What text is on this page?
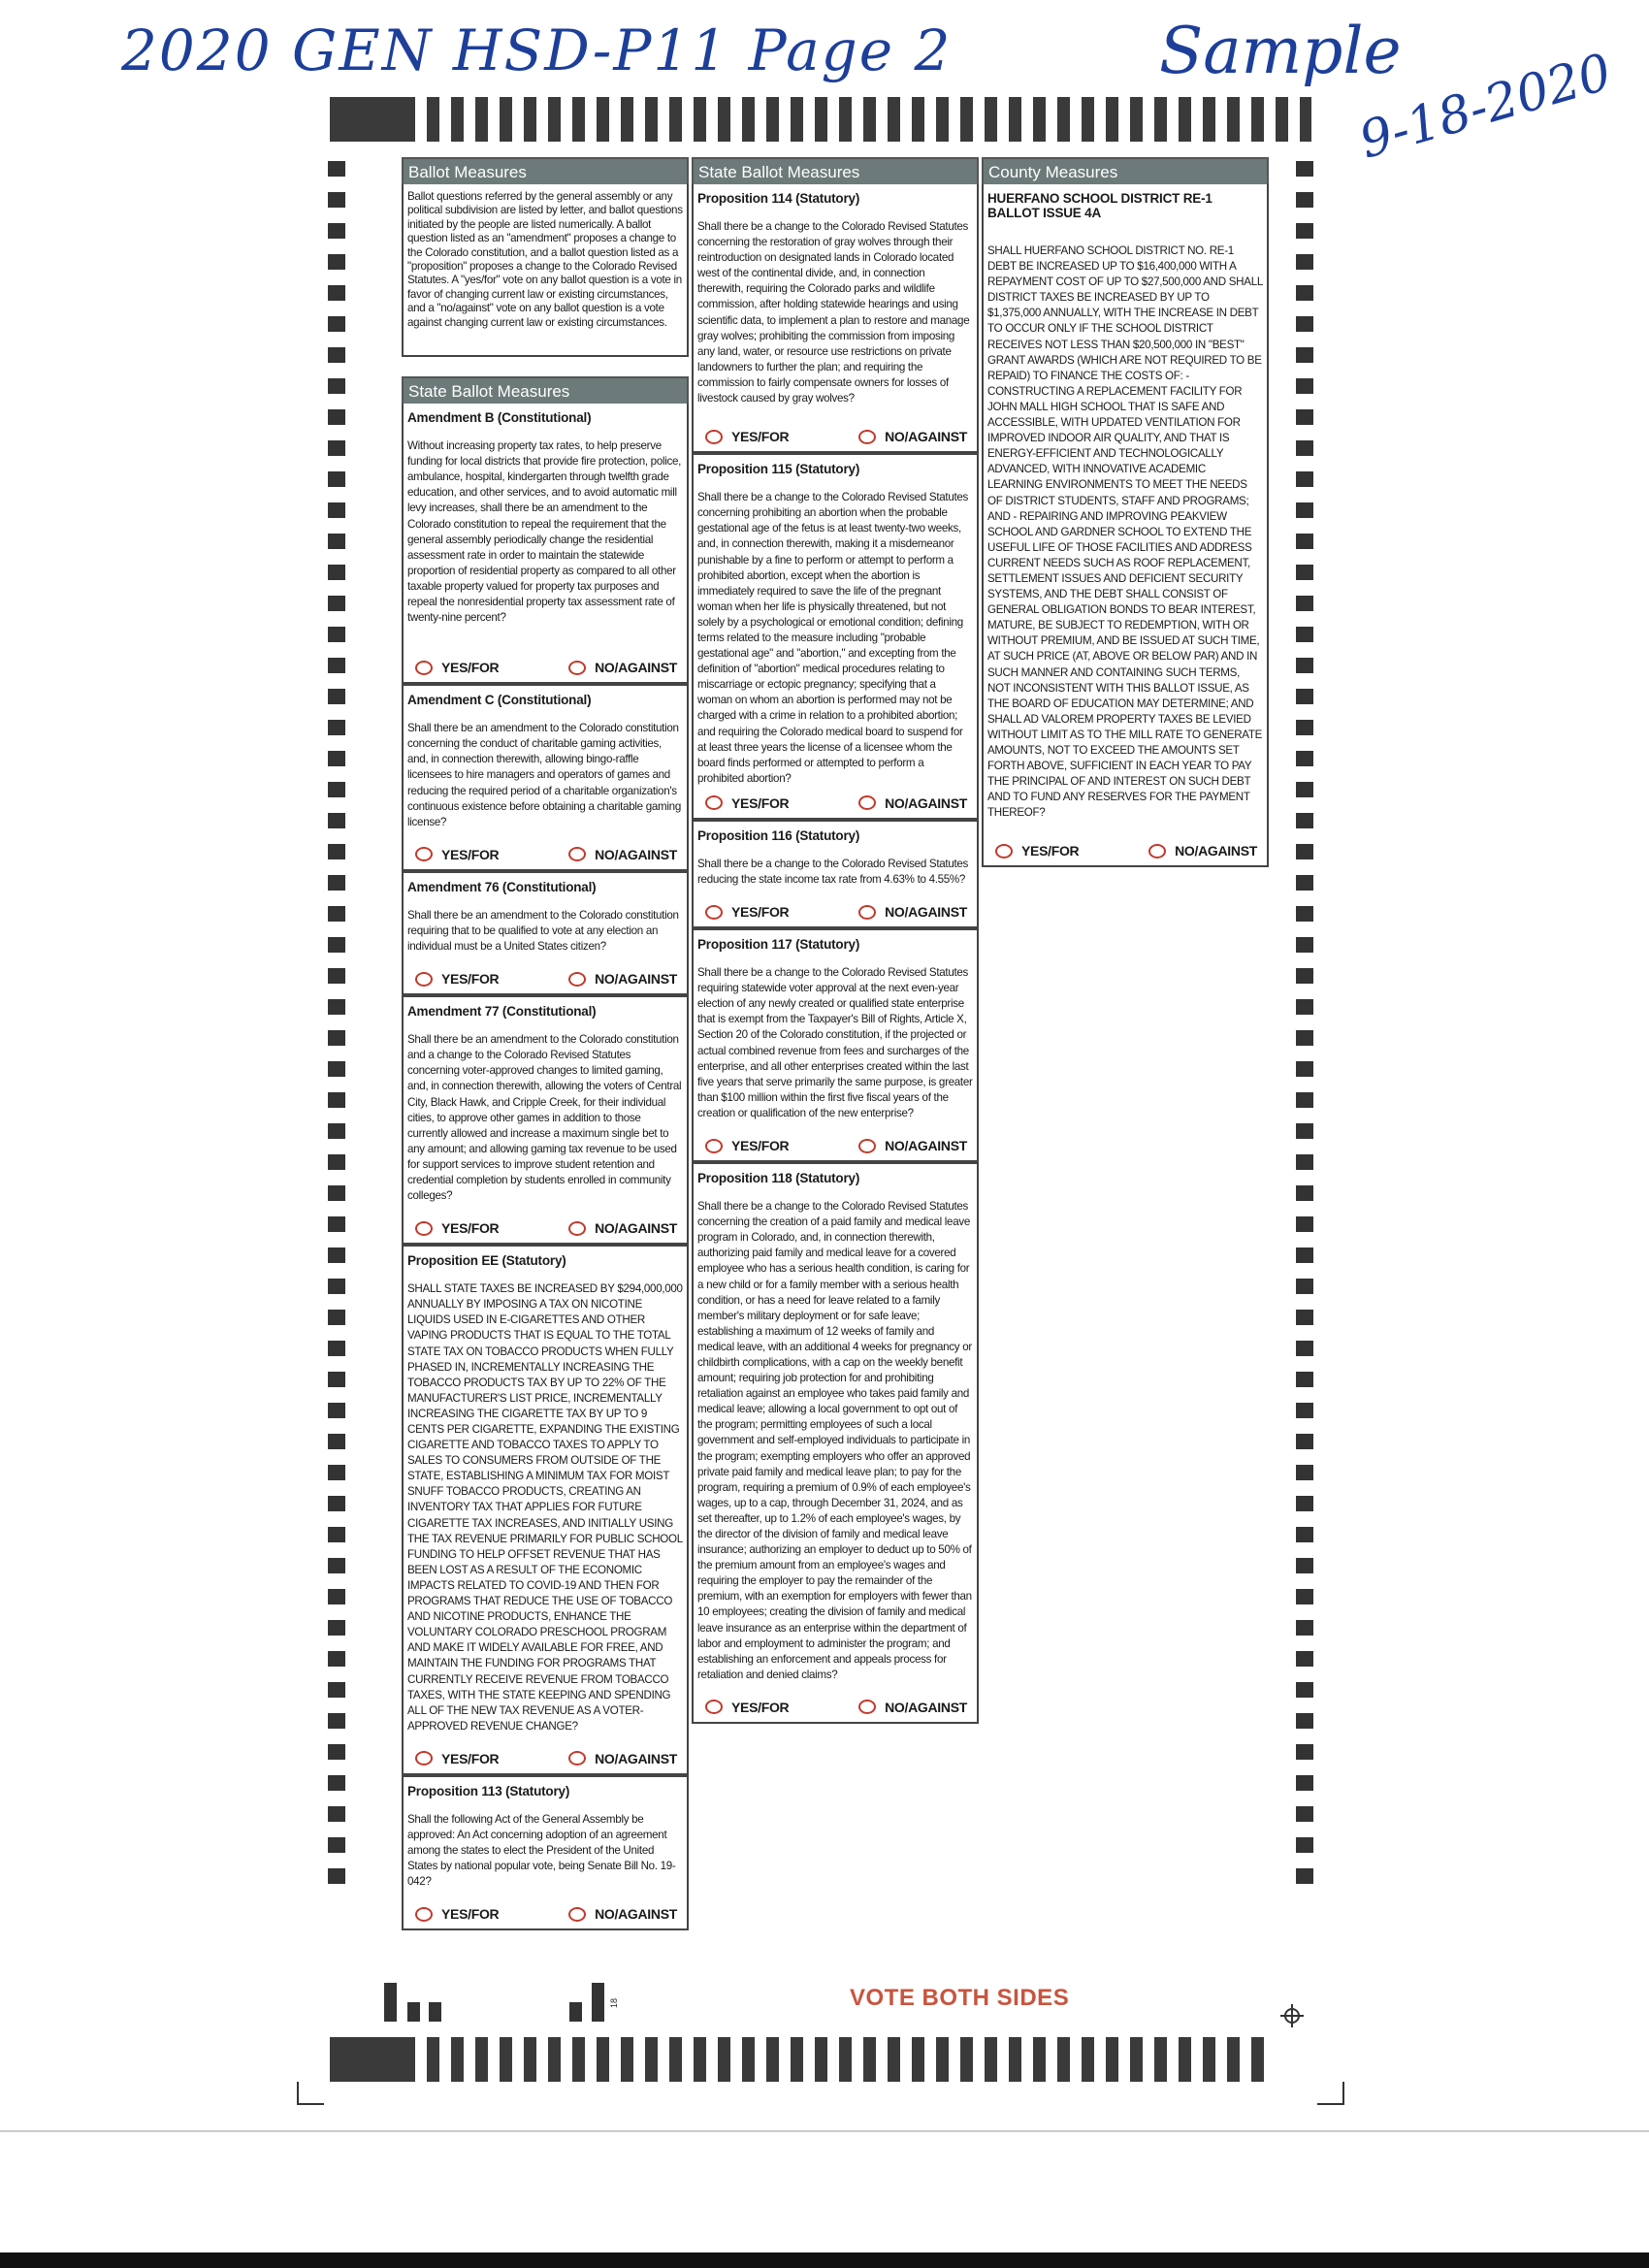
2020 GEN HSD-P11 Page 2	Sample
9-18-2020
Ballot Measures

Ballot questions referred by the general assembly or any political subdivision are listed by letter, and ballot questions initiated by the people are listed numerically. A ballot question listed as an "amendment" proposes a change to the Colorado constitution, and a ballot question listed as a "proposition" proposes a change to the Colorado Revised Statutes. A "yes/for" vote on any ballot question is a vote in favor of changing current law or existing circumstances, and a "no/against" vote on any ballot question is a vote against changing current law or existing circumstances.

State Ballot Measures
Amendment B (Constitutional)

Without increasing property tax rates, to help preserve funding for local districts that provide fire protection, police, ambulance, hospital, kindergarten through twelfth grade education, and other services, and to avoid automatic mill levy increases, shall there be an amendment to the Colorado constitution to repeal the requirement that the general assembly periodically change the residential assessment rate in order to maintain the statewide proportion of residential property as compared to all other taxable property valued for property tax purposes and repeal the nonresidential property tax assessment rate of twenty-nine percent?

YES/FOR	NO/AGAINST
Amendment C (Constitutional)

Shall there be an amendment to the Colorado constitution concerning the conduct of charitable gaming activities, and, in connection therewith, allowing bingo-raffle licensees to hire managers and operators of games and reducing the required period of a charitable organization's continuous existence before obtaining a charitable gaming license?

YES/FOR	NO/AGAINST
Amendment 76 (Constitutional)

Shall there be an amendment to the Colorado constitution requiring that to be qualified to vote at any election an individual must be a United States citizen?

YES/FOR	NO/AGAINST
Amendment 77 (Constitutional)

Shall there be an amendment to the Colorado constitution and a change to the Colorado Revised Statutes concerning voter-approved changes to limited gaming, and, in connection therewith, allowing the voters of Central City, Black Hawk, and Cripple Creek, for their individual cities, to approve other games in addition to those currently allowed and increase a maximum single bet to any amount; and allowing gaming tax revenue to be used for support services to improve student retention and credential completion by students enrolled in community colleges?

YES/FOR	NO/AGAINST
Proposition EE (Statutory)

SHALL STATE TAXES BE INCREASED BY $294,000,000 ANNUALLY BY IMPOSING A TAX ON NICOTINE LIQUIDS USED IN E-CIGARETTES AND OTHER VAPING PRODUCTS THAT IS EQUAL TO THE TOTAL STATE TAX ON TOBACCO PRODUCTS WHEN FULLY PHASED IN, INCREMENTALLY INCREASING THE TOBACCO PRODUCTS TAX BY UP TO 22% OF THE MANUFACTURER'S LIST PRICE, INCREMENTALLY INCREASING THE CIGARETTE TAX BY UP TO 9 CENTS PER CIGARETTE, EXPANDING THE EXISTING CIGARETTE AND TOBACCO TAXES TO APPLY TO SALES TO CONSUMERS FROM OUTSIDE OF THE STATE, ESTABLISHING A MINIMUM TAX FOR MOIST SNUFF TOBACCO PRODUCTS, CREATING AN INVENTORY TAX THAT APPLIES FOR FUTURE CIGARETTE TAX INCREASES, AND INITIALLY USING THE TAX REVENUE PRIMARILY FOR PUBLIC SCHOOL FUNDING TO HELP OFFSET REVENUE THAT HAS BEEN LOST AS A RESULT OF THE ECONOMIC IMPACTS RELATED TO COVID-19 AND THEN FOR PROGRAMS THAT REDUCE THE USE OF TOBACCO AND NICOTINE PRODUCTS, ENHANCE THE VOLUNTARY COLORADO PRESCHOOL PROGRAM AND MAKE IT WIDELY AVAILABLE FOR FREE, AND MAINTAIN THE FUNDING FOR PROGRAMS THAT CURRENTLY RECEIVE REVENUE FROM TOBACCO TAXES, WITH THE STATE KEEPING AND SPENDING ALL OF THE NEW TAX REVENUE AS A VOTER-APPROVED REVENUE CHANGE?

YES/FOR	NO/AGAINST
Proposition 113 (Statutory)

Shall the following Act of the General Assembly be approved: An Act concerning adoption of an agreement among the states to elect the President of the United States by national popular vote, being Senate Bill No. 19-042?

YES/FOR	NO/AGAINST
State Ballot Measures
Proposition 114 (Statutory)

Shall there be a change to the Colorado Revised Statutes concerning the restoration of gray wolves through their reintroduction on designated lands in Colorado located west of the continental divide, and, in connection therewith, requiring the Colorado parks and wildlife commission, after holding statewide hearings and using scientific data, to implement a plan to restore and manage gray wolves; prohibiting the commission from imposing any land, water, or resource use restrictions on private landowners to further the plan; and requiring the commission to fairly compensate owners for losses of livestock caused by gray wolves?

YES/FOR	NO/AGAINST
Proposition 115 (Statutory)

Shall there be a change to the Colorado Revised Statutes concerning prohibiting an abortion when the probable gestational age of the fetus is at least twenty-two weeks, and, in connection therewith, making it a misdemeanor punishable by a fine to perform or attempt to perform a prohibited abortion, except when the abortion is immediately required to save the life of the pregnant woman when her life is physically threatened, but not solely by a psychological or emotional condition; defining terms related to the measure including "probable gestational age" and "abortion," and excepting from the definition of "abortion" medical procedures relating to miscarriage or ectopic pregnancy; specifying that a woman on whom an abortion is performed may not be charged with a crime in relation to a prohibited abortion; and requiring the Colorado medical board to suspend for at least three years the license of a licensee whom the board finds performed or attempted to perform a prohibited abortion?

YES/FOR	NO/AGAINST
Proposition 116 (Statutory)

Shall there be a change to the Colorado Revised Statutes reducing the state income tax rate from 4.63% to 4.55%?

YES/FOR	NO/AGAINST
Proposition 117 (Statutory)

Shall there be a change to the Colorado Revised Statutes requiring statewide voter approval at the next even-year election of any newly created or qualified state enterprise that is exempt from the Taxpayer's Bill of Rights, Article X, Section 20 of the Colorado constitution, if the projected or actual combined revenue from fees and surcharges of the enterprise, and all other enterprises created within the last five years that serve primarily the same purpose, is greater than $100 million within the first five fiscal years of the creation or qualification of the new enterprise?

YES/FOR	NO/AGAINST
Proposition 118 (Statutory)

Shall there be a change to the Colorado Revised Statutes concerning the creation of a paid family and medical leave program in Colorado, and, in connection therewith, authorizing paid family and medical leave for a covered employee who has a serious health condition, is caring for a new child or for a family member with a serious health condition, or has a need for leave related to a family member's military deployment or for safe leave; establishing a maximum of 12 weeks of family and medical leave, with an additional 4 weeks for pregnancy or childbirth complications, with a cap on the weekly benefit amount; requiring job protection for and prohibiting retaliation against an employee who takes paid family and medical leave; allowing a local government to opt out of the program; permitting employees of such a local government and self-employed individuals to participate in the program; exempting employers who offer an approved private paid family and medical leave plan; to pay for the program, requiring a premium of 0.9% of each employee's wages, up to a cap, through December 31, 2024, and as set thereafter, up to 1.2% of each employee's wages, by the director of the division of family and medical leave insurance; authorizing an employer to deduct up to 50% of the premium amount from an employee's wages and requiring the employer to pay the remainder of the premium, with an exemption for employers with fewer than 10 employees; creating the division of family and medical leave insurance as an enterprise within the department of labor and employment to administer the program; and establishing an enforcement and appeals process for retaliation and denied claims?

YES/FOR	NO/AGAINST
County Measures
HUERFANO SCHOOL DISTRICT RE-1 BALLOT ISSUE 4A

SHALL HUERFANO SCHOOL DISTRICT NO. RE-1 DEBT BE INCREASED UP TO $16,400,000 WITH A REPAYMENT COST OF UP TO $27,500,000 AND SHALL DISTRICT TAXES BE INCREASED BY UP TO $1,375,000 ANNUALLY, WITH THE INCREASE IN DEBT TO OCCUR ONLY IF THE SCHOOL DISTRICT RECEIVES NOT LESS THAN $20,500,000 IN "BEST" GRANT AWARDS (WHICH ARE NOT REQUIRED TO BE REPAID) TO FINANCE THE COSTS OF: - CONSTRUCTING A REPLACEMENT FACILITY FOR JOHN MALL HIGH SCHOOL THAT IS SAFE AND ACCESSIBLE, WITH UPDATED VENTILATION FOR IMPROVED INDOOR AIR QUALITY, AND THAT IS ENERGY-EFFICIENT AND TECHNOLOGICALLY ADVANCED, WITH INNOVATIVE ACADEMIC LEARNING ENVIRONMENTS TO MEET THE NEEDS OF DISTRICT STUDENTS, STAFF AND PROGRAMS; AND - REPAIRING AND IMPROVING PEAKVIEW SCHOOL AND GARDNER SCHOOL TO EXTEND THE USEFUL LIFE OF THOSE FACILITIES AND ADDRESS CURRENT NEEDS SUCH AS ROOF REPLACEMENT, SETTLEMENT ISSUES AND DEFICIENT SECURITY SYSTEMS, AND THE DEBT SHALL CONSIST OF GENERAL OBLIGATION BONDS TO BEAR INTEREST, MATURE, BE SUBJECT TO REDEMPTION, WITH OR WITHOUT PREMIUM, AND BE ISSUED AT SUCH TIME, AT SUCH PRICE (AT, ABOVE OR BELOW PAR) AND IN SUCH MANNER AND CONTAINING SUCH TERMS, NOT INCONSISTENT WITH THIS BALLOT ISSUE, AS THE BOARD OF EDUCATION MAY DETERMINE; AND SHALL AD VALOREM PROPERTY TAXES BE LEVIED WITHOUT LIMIT AS TO THE MILL RATE TO GENERATE AMOUNTS, NOT TO EXCEED THE AMOUNTS SET FORTH ABOVE, SUFFICIENT IN EACH YEAR TO PAY THE PRINCIPAL OF AND INTEREST ON SUCH DEBT AND TO FUND ANY RESERVES FOR THE PAYMENT THEREOF?

YES/FOR	NO/AGAINST
18	VOTE BOTH SIDES
